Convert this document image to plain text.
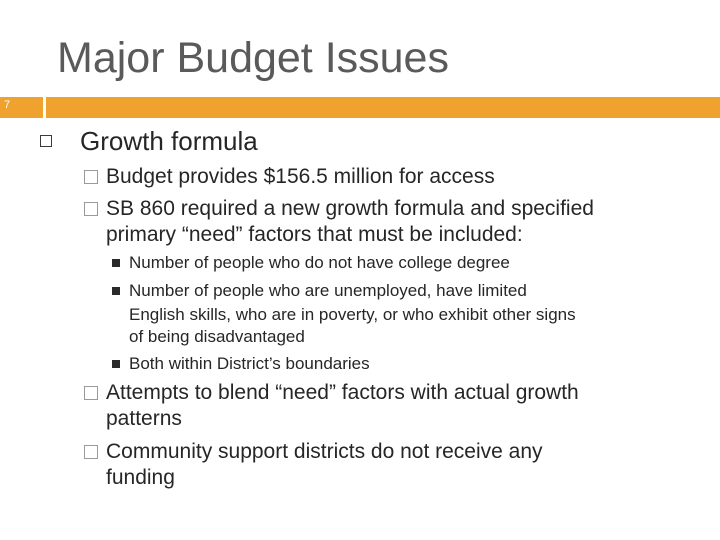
Major Budget Issues
7
Growth formula
Budget provides $156.5 million for access
SB 860 required a new growth formula and specified
primary “need” factors that must be included:
Number of people who do not have college degree
Number of people who are unemployed, have limited
English skills, who are in poverty, or who exhibit other signs
of being disadvantaged
Both within District’s boundaries
Attempts to blend “need” factors with actual growth
patterns
Community support districts do not receive any
funding
